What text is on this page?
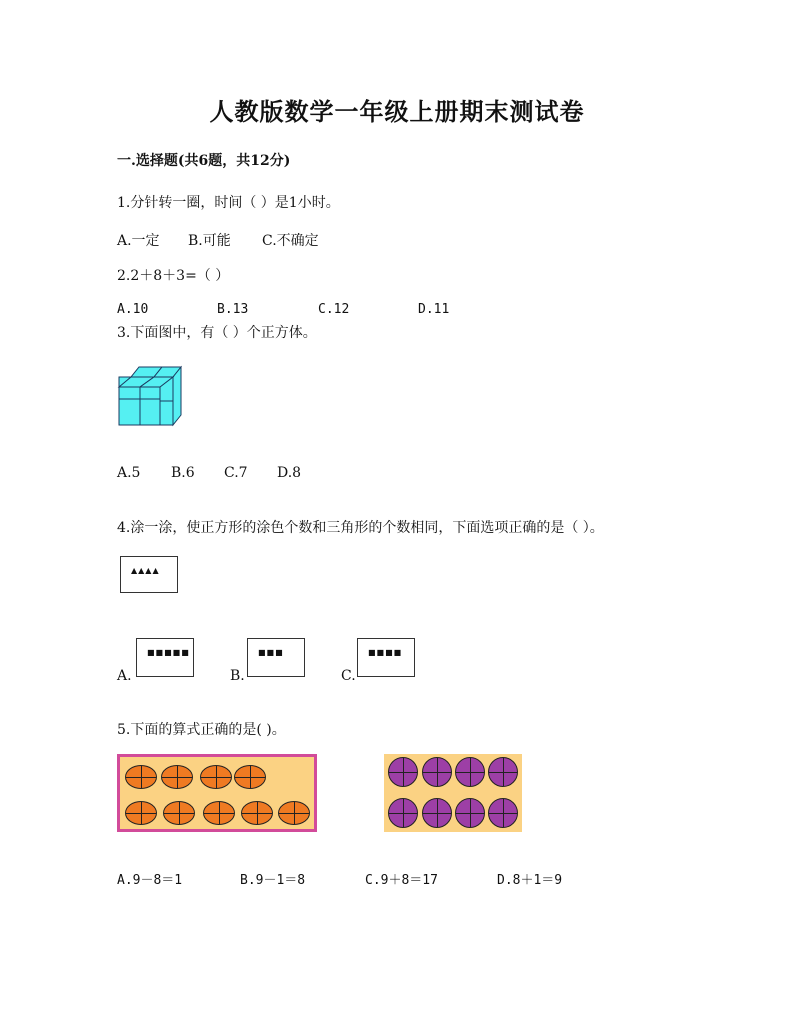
人教版数学一年级上册期末测试卷
一.选择题(共6题，共12分)
1.分针转一圈，时间（ ）是1小时。
A.一定 B.可能 C.不确定
2.2＋8＋3=（ ）
A.10	B.13	C.12	D.11
3.下面图中，有（ ）个正方体。
A.5 B.6 C.7 D.8
4.涂一涂，使正方形的涂色个数和三角形的个数相同，下面选项正确的是（ ）。
▲▲▲▲
A.
■■■■■
B.
■■■
C.
■■■■
5.下面的算式正确的是( )。
A.9－8＝1	B.9－1＝8	C.9＋8＝17	D.8＋1＝9
